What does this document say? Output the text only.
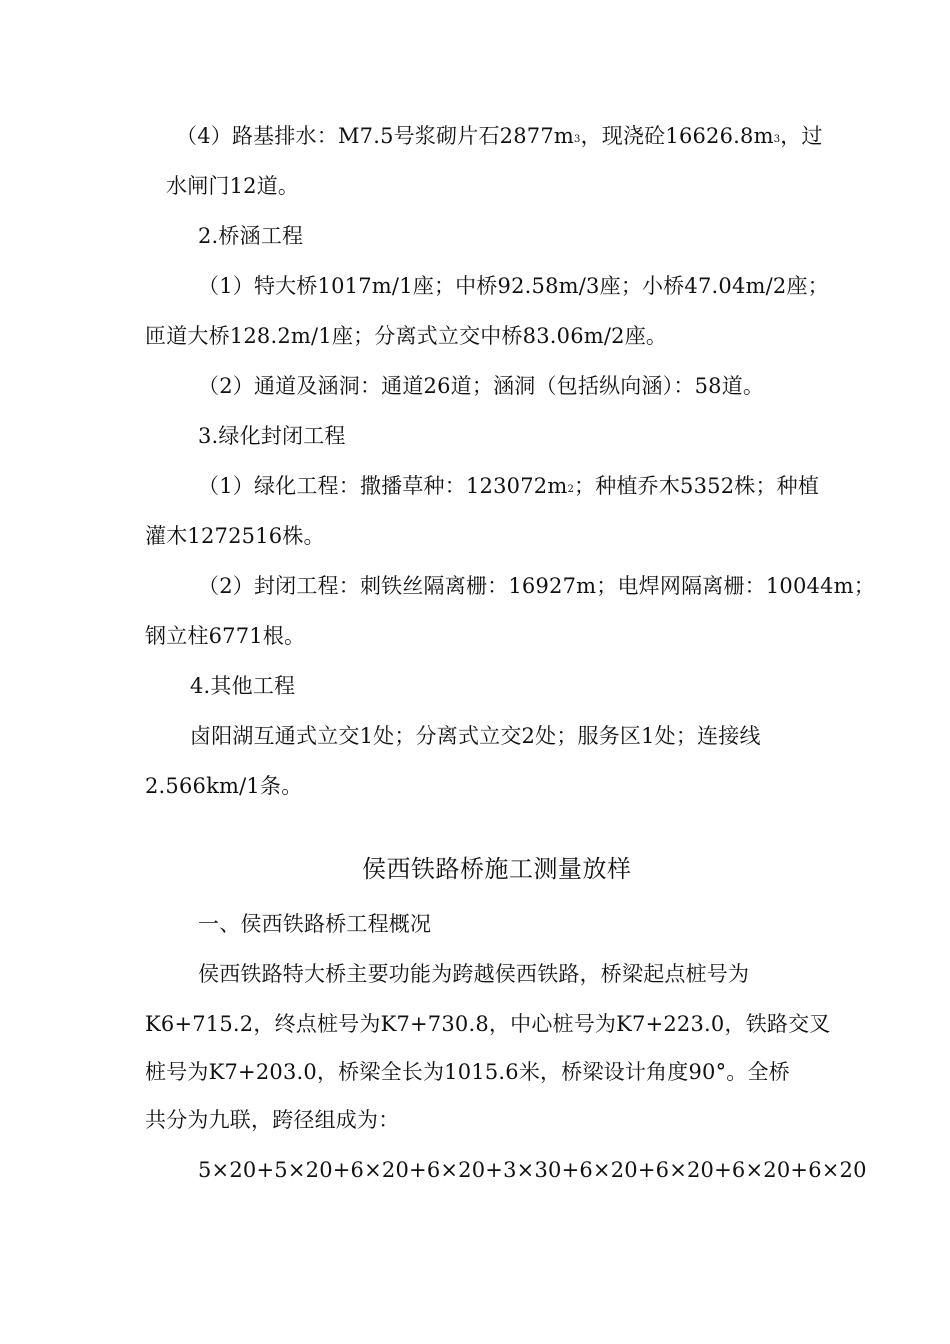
（4）路基排水：M7.5号浆砌片石$2877m^3$，现浇砼$16626.8m^3$，过
水闸门12道。
2.桥涵工程
（1）特大桥1017m/1座；中桥92.58m/3座；小桥47.04m/2座；
匝道大桥128.2m/1座；分离式立交中桥83.06m/2座。
（2）通道及涵洞：通道26道；涵洞（包括纵向涵）：58道。
3.绿化封闭工程
（1）绿化工程：撒播草种：$123072m^2$；种植乔木5352株；种植
灌木1272516株。
（2）封闭工程：刺铁丝隔离栅：16927m；电焊网隔离栅：10044m；
钢立柱6771根。
4.其他工程
卤阳湖互通式立交1处；分离式立交2处；服务区1处；连接线
2.566km/1条。
侯西铁路桥施工测量放样
一、侯西铁路桥工程概况
侯西铁路特大桥主要功能为跨越侯西铁路，桥梁起点桩号为
K6+715.2，终点桩号为K7+730.8，中心桩号为K7+223.0，铁路交叉
桩号为K7+203.0，桥梁全长为1015.6米，桥梁设计角度90°。全桥
共分为九联，跨径组成为：
5×20+5×20+6×20+6×20+3×30+6×20+6×20+6×20+6×20
